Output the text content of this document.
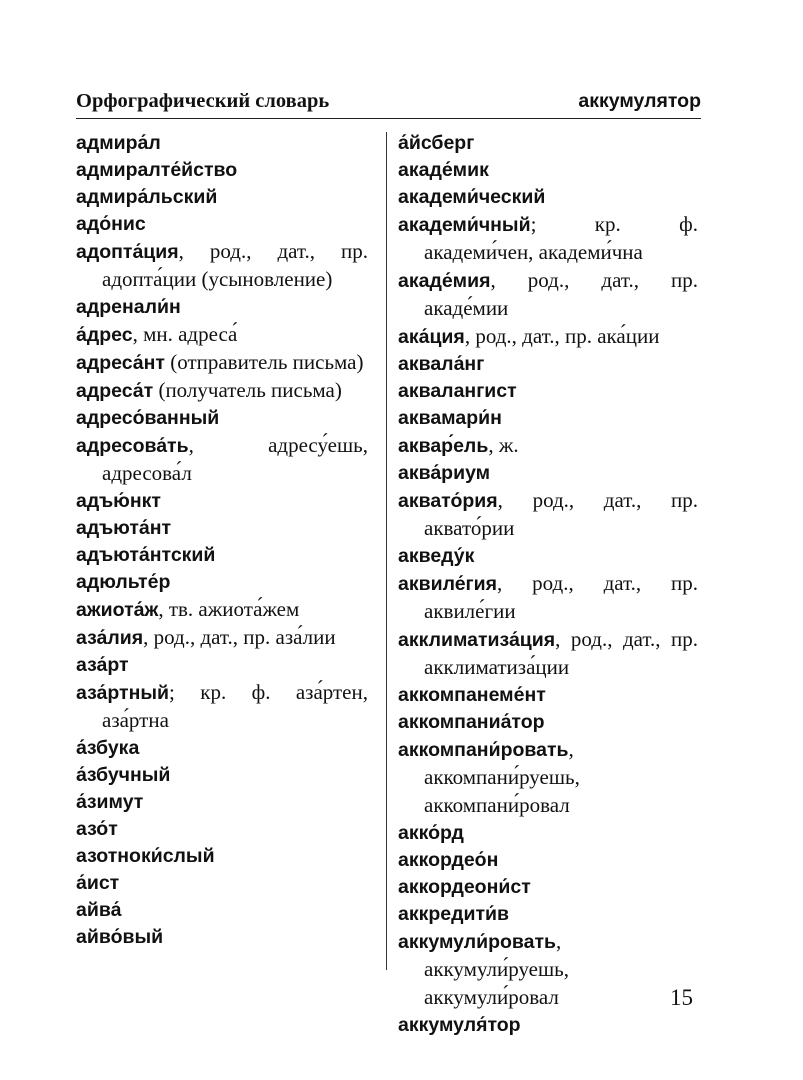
Орфографический словарь	аккумулятор

адмира́л

адмиралте́йство

адмира́льский

адо́нис

адопта́ция, род., дат., пр. адопта́ции (усыновление)

адренали́н

а́дрес, мн. адреса́

адреса́нт (отправитель письма)

адреса́т (получатель письма)

адресо́ванный

адресова́ть, адресу́ешь, адресова́л

адъю́нкт

адъюта́нт

адъюта́нтский

адюльте́р

ажиота́ж, тв. ажиота́жем

аза́лия, род., дат., пр. аза́лии

аза́рт

аза́ртный; кр. ф. аза́ртен, аза́ртна

а́збука

а́збучный

а́зимут

азо́т

азотноки́слый

а́ист

айва́

айво́вый

а́йсберг

акаде́мик

академи́ческий

академи́чный; кр. ф. академи́чен, академи́чна

акаде́мия, род., дат., пр. акаде́мии

ака́ция, род., дат., пр. ака́ции

аквала́нг

аквалангист

аквамари́н

аквар́ель, ж.

аква́риум

аквато́рия, род., дат., пр. аквато́рии

акведу́к

аквиле́гия, род., дат., пр. аквиле́гии

акклиматиза́ция, род., дат., пр. акклиматиза́ции

аккомпанеме́нт

аккомпаниа́тор

аккомпани́ровать, аккомпани́руешь, аккомпани́ровал

акко́рд

аккордео́н

аккордеони́ст

аккредити́в

аккумули́ровать, аккумули́руешь, аккумули́ровал

аккумуля́тор

15
